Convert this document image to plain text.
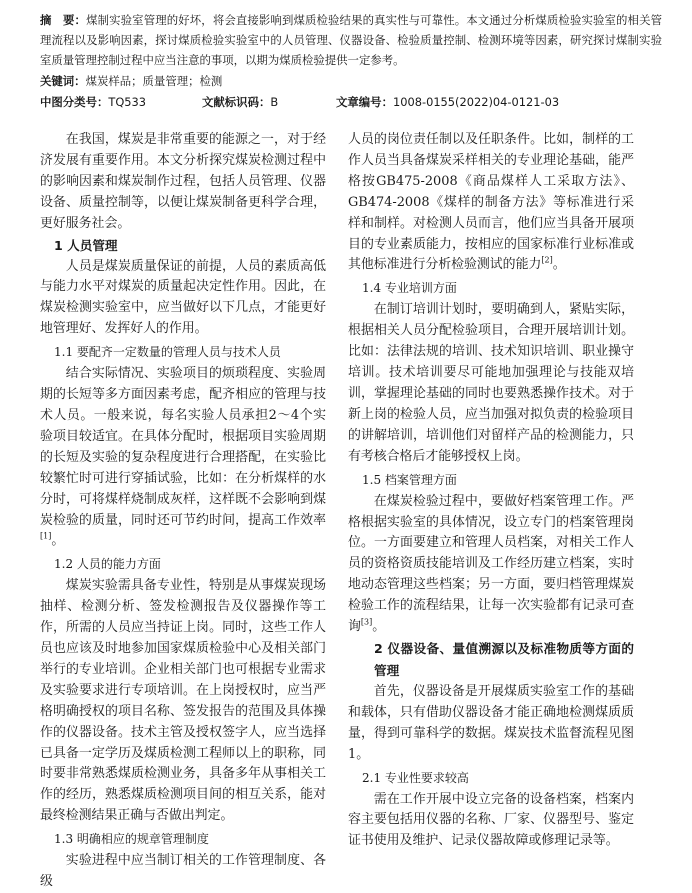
摘　要：煤制实验室管理的好坏，将会直接影响到煤质检验结果的真实性与可靠性。本文通过分析煤质检验实验室的相关管理流程以及影响因素，探讨煤质检验实验室中的人员管理、仪器设备、检验质量控制、检测环境等因素，研究探讨煤制实验室质量管理控制过程中应当注意的事项，以期为煤质检验提供一定参考。
关键词：煤炭样品；质量管理；检测
中图分类号：TQ533	文献标识码：B	文章编号：1008-0155(2022)04-0121-03

在我国，煤炭是非常重要的能源之一，对于经济发展有重要作用。本文分析探究煤炭检测过程中的影响因素和煤炭制作过程，包括人员管理、仪器设备、质量控制等，以便让煤炭制备更科学合理，更好服务社会。

1 人员管理

人员是煤炭质量保证的前提，人员的素质高低与能力水平对煤炭的质量起决定性作用。因此，在煤炭检测实验室中，应当做好以下几点，才能更好地管理好、发挥好人的作用。

1.1 要配齐一定数量的管理人员与技术人员

结合实际情况、实验项目的烦琐程度、实验周期的长短等多方面因素考虑，配齐相应的管理与技术人员。一般来说，每名实验人员承担2～4个实验项目较适宜。在具体分配时，根据项目实验周期的长短及实验的复杂程度进行合理搭配，在实验比较繁忙时可进行穿插试验，比如：在分析煤样的水分时，可将煤样烧制成灰样，这样既不会影响到煤炭检验的质量，同时还可节约时间，提高工作效率[1]。

1.2 人员的能力方面

煤炭实验需具备专业性，特别是从事煤炭现场抽样、检测分析、签发检测报告及仪器操作等工作，所需的人员应当持证上岗。同时，这些工作人员也应该及时地参加国家煤质检验中心及相关部门举行的专业培训。企业相关部门也可根据专业需求及实验要求进行专项培训。在上岗授权时，应当严格明确授权的项目名称、签发报告的范围及具体操作的仪器设备。技术主管及授权签字人，应当选择已具备一定学历及煤质检测工程师以上的职称，同时要非常熟悉煤质检测业务，具备多年从事相关工作的经历，熟悉煤质检测项目间的相互关系，能对最终检测结果正确与否做出判定。

1.3 明确相应的规章管理制度

实验进程中应当制订相关的工作管理制度、各级

人员的岗位责任制以及任职条件。比如，制样的工作人员当具备煤炭采样相关的专业理论基础，能严格按GB475-2008《商品煤样人工采取方法》、GB474-2008《煤样的制备方法》等标准进行采样和制样。对检测人员而言，他们应当具备开展项目的专业素质能力，按相应的国家标准行业标准或其他标准进行分析检验测试的能力[2]。

1.4 专业培训方面

在制订培训计划时，要明确到人，紧贴实际，根据相关人员分配检验项目，合理开展培训计划。比如：法律法规的培训、技术知识培训、职业操守培训。技术培训要尽可能地加强理论与技能双培训，掌握理论基础的同时也要熟悉操作技术。对于新上岗的检验人员，应当加强对拟负责的检验项目的讲解培训，培训他们对留样产品的检测能力，只有考核合格后才能够授权上岗。

1.5 档案管理方面

在煤炭检验过程中，要做好档案管理工作。严格根据实验室的具体情况，设立专门的档案管理岗位。一方面要建立和管理人员档案，对相关工作人员的资格资质技能培训及工作经历建立档案，实时地动态管理这些档案；另一方面，要归档管理煤炭检验工作的流程结果，让每一次实验都有记录可查询[3]。

2 仪器设备、量值溯源以及标准物质等方面的管理

首先，仪器设备是开展煤质实验室工作的基础和载体，只有借助仪器设备才能正确地检测煤质质量，得到可靠科学的数据。煤炭技术监督流程见图1。

2.1 专业性要求较高

需在工作开展中设立完备的设备档案，档案内容主要包括用仪器的名称、厂家、仪器型号、鉴定证书使用及维护、记录仪器故障或修理记录等。
